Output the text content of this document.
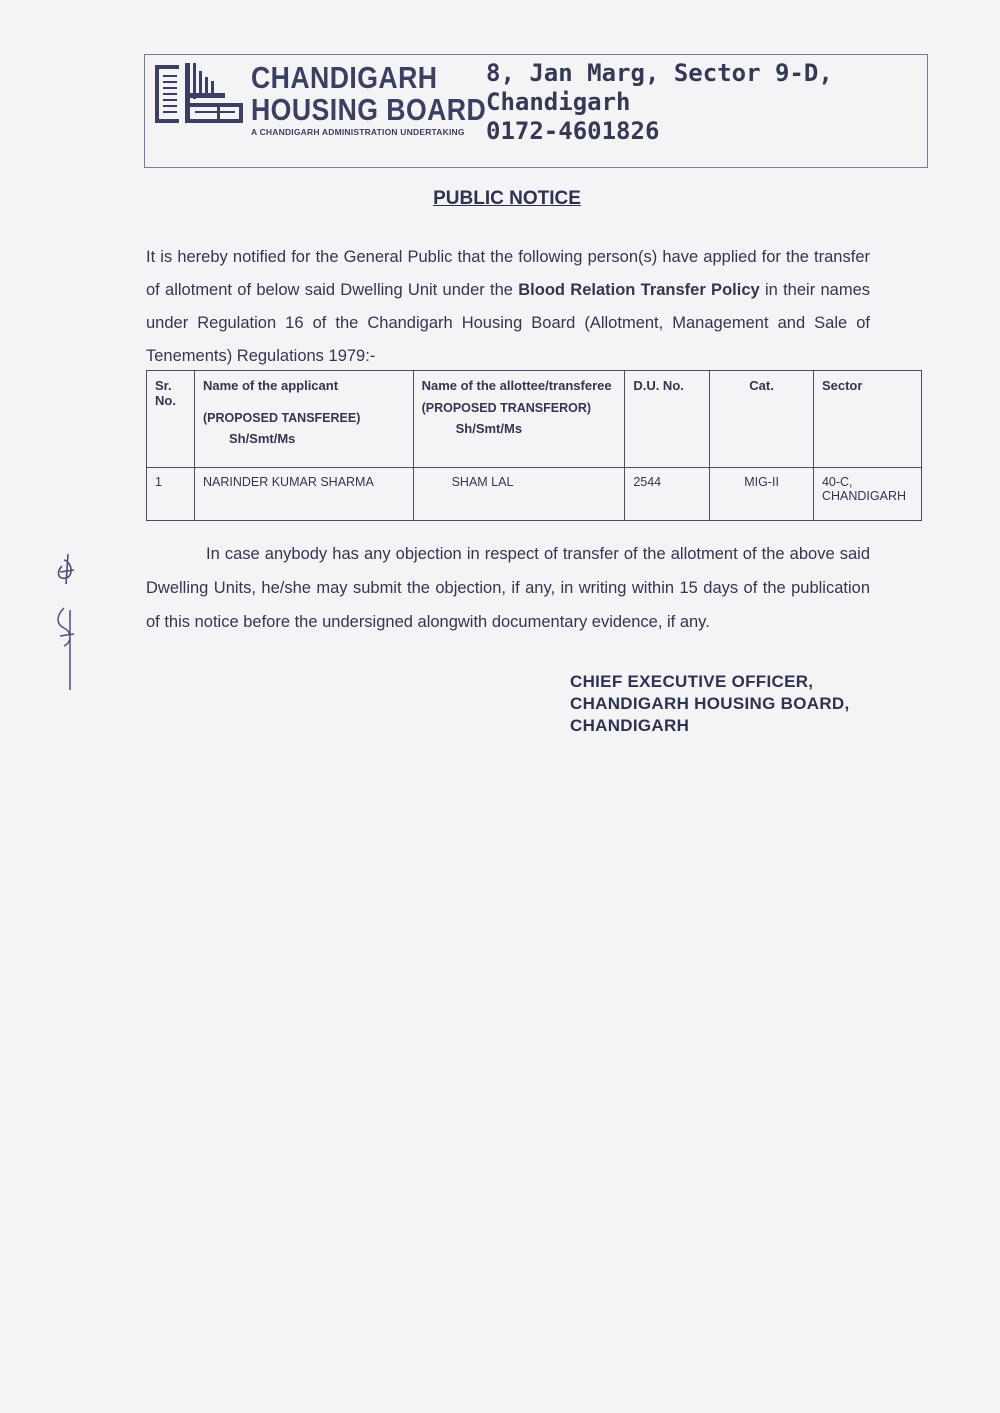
CHANDIGARH
HOUSING BOARD
A CHANDIGARH ADMINISTRATION UNDERTAKING
8, Jan Marg, Sector 9-D,
Chandigarh
0172-4601826
PUBLIC NOTICE
It is hereby notified for the General Public that the following person(s) have applied for the transfer of allotment of below said Dwelling Unit under the Blood Relation Transfer Policy in their names under Regulation 16 of the Chandigarh Housing Board (Allotment, Management and Sale of Tenements) Regulations 1979:-
Sr. No.	Name of the applicant
(PROPOSED TANSFEREE)
Sh/Smt/Ms	Name of the allottee/transferee
(PROPOSED TRANSFEROR)
Sh/Smt/Ms	D.U. No.	Cat.	Sector
1	NARINDER KUMAR SHARMA	SHAM LAL	2544	MIG-II	40-C, CHANDIGARH
In case anybody has any objection in respect of transfer of the allotment of the above said Dwelling Units, he/she may submit the objection, if any, in writing within 15 days of the publication of this notice before the undersigned alongwith documentary evidence, if any.
CHIEF EXECUTIVE OFFICER,
CHANDIGARH HOUSING BOARD,
CHANDIGARH
